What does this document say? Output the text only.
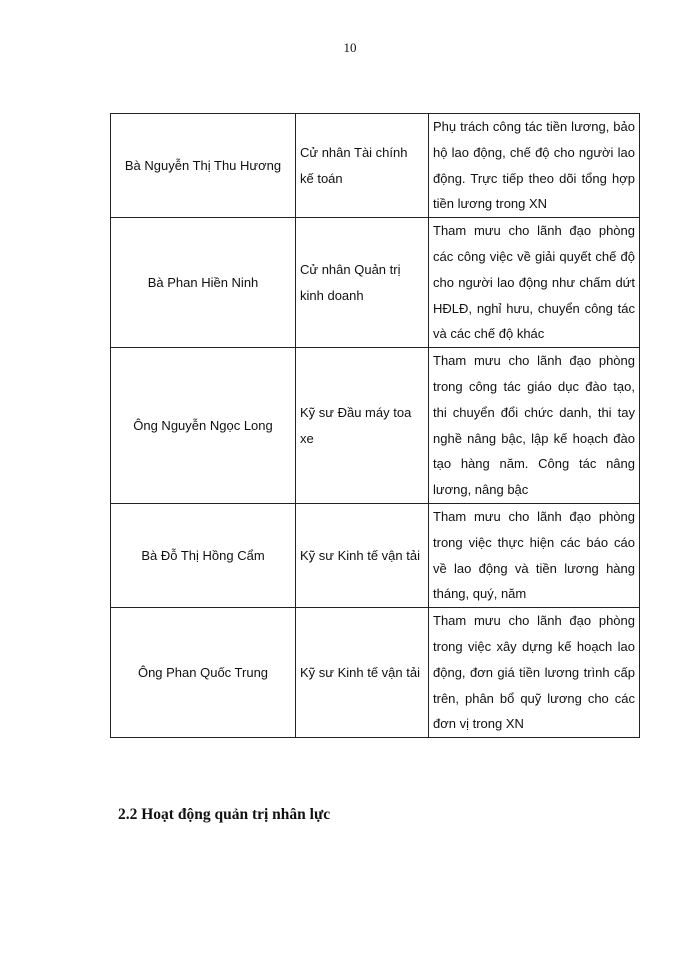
10
Bà Nguyễn Thị Thu Hương	Cử nhân Tài chính kế toán	Phụ trách công tác tiền lương, bảo hộ lao động, chế độ cho người lao động. Trực tiếp theo dõi tổng hợp tiền lương trong XN
Bà Phan Hiền Ninh	Cử nhân Quản trị kinh doanh	Tham mưu cho lãnh đạo phòng các công việc về giải quyết chế độ cho người lao động như chấm dứt HĐLĐ, nghỉ hưu, chuyển công tác và các chế độ khác
Ông Nguyễn Ngọc Long	Kỹ sư Đầu máy toa xe	Tham mưu cho lãnh đạo phòng trong công tác giáo dục đào tạo, thi chuyển đổi chức danh, thi tay nghề nâng bậc, lập kế hoạch đào tạo hàng năm. Công tác nâng lương, nâng bậc
Bà Đỗ Thị Hồng Cẩm	Kỹ sư Kinh tế vận tải	Tham mưu cho lãnh đạo phòng trong việc thực hiện các báo cáo về lao động và tiền lương hàng tháng, quý, năm
Ông Phan Quốc Trung	Kỹ sư Kinh tế vận tải	Tham mưu cho lãnh đạo phòng trong việc xây dựng kế hoạch lao động, đơn giá tiền lương trình cấp trên, phân bổ quỹ lương cho các đơn vị trong XN
2.2 Hoạt động quản trị nhân lực
